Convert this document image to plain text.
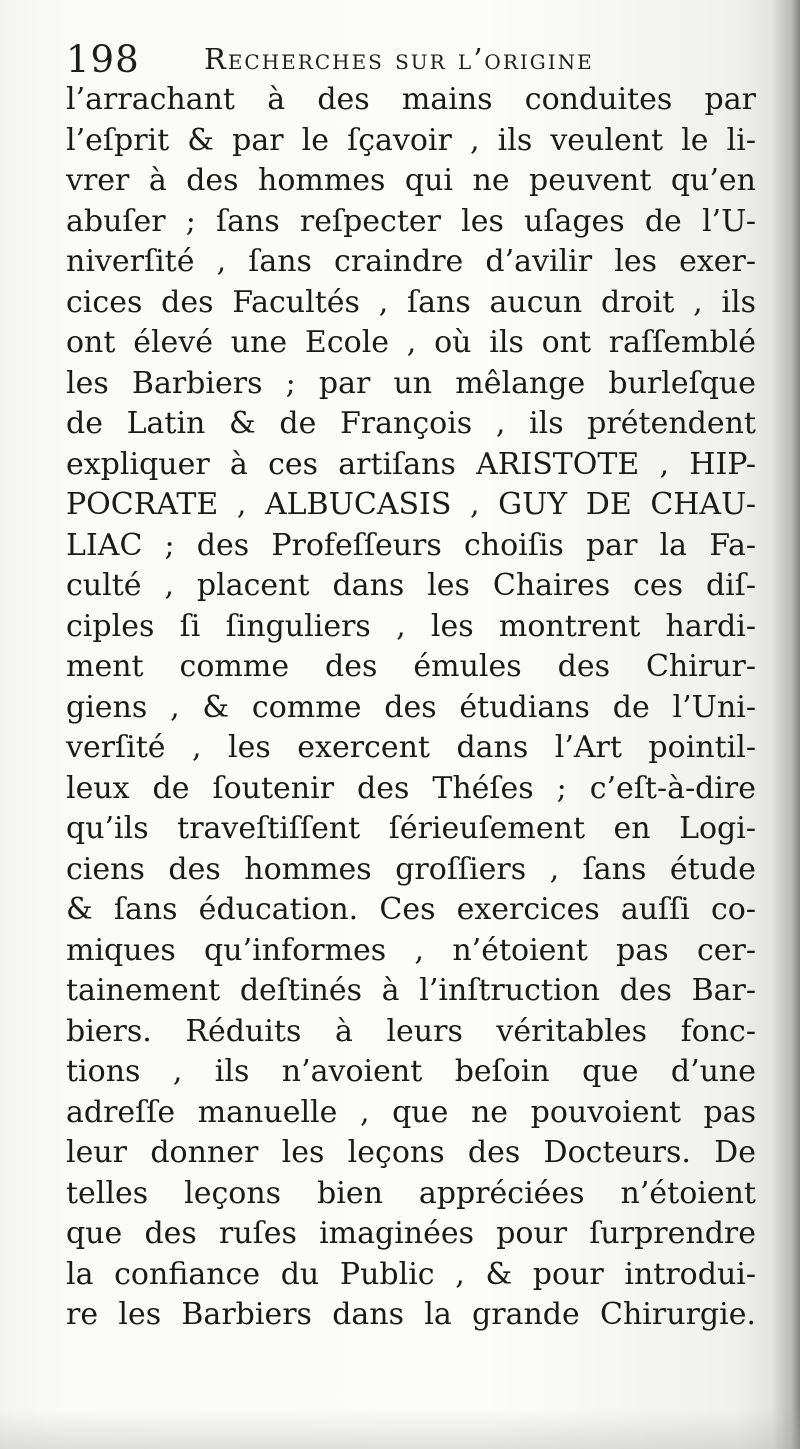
198 Recherches sur l’origine
l’arrachant à des mains conduites par
l’eſprit & par le ſçavoir , ils veulent le li-
vrer à des hommes qui ne peuvent qu’en
abuſer ; ſans reſpecter les uſages de l’U-
niverſité , ſans craindre d’avilir les exer-
cices des Facultés , ſans aucun droit , ils
ont élevé une Ecole , où ils ont raſſemblé
les Barbiers ; par un mêlange burleſque
de Latin & de François , ils prétendent
expliquer à ces artiſans ARISTOTE , HIP-
POCRATE , ALBUCASIS , GUY DE CHAU-
LIAC ; des Profeſſeurs choiſis par la Fa-
culté , placent dans les Chaires ces diſ-
ciples ſi ſinguliers , les montrent hardi-
ment comme des émules des Chirur-
giens , & comme des étudians de l’Uni-
verſité , les exercent dans l’Art pointil-
leux de ſoutenir des Théſes ; c’eſt-à-dire
qu’ils traveſtiſſent ſérieuſement en Logi-
ciens des hommes groſſiers , ſans étude
& ſans éducation. Ces exercices auſſi co-
miques qu’informes , n’étoient pas cer-
tainement deſtinés à l’inſtruction des Bar-
biers. Réduits à leurs véritables fonc-
tions , ils n’avoient beſoin que d’une
adreſſe manuelle , que ne pouvoient pas
leur donner les leçons des Docteurs. De
telles leçons bien appréciées n’étoient
que des ruſes imaginées pour ſurprendre
la confiance du Public , & pour introdui-
re les Barbiers dans la grande Chirurgie.
